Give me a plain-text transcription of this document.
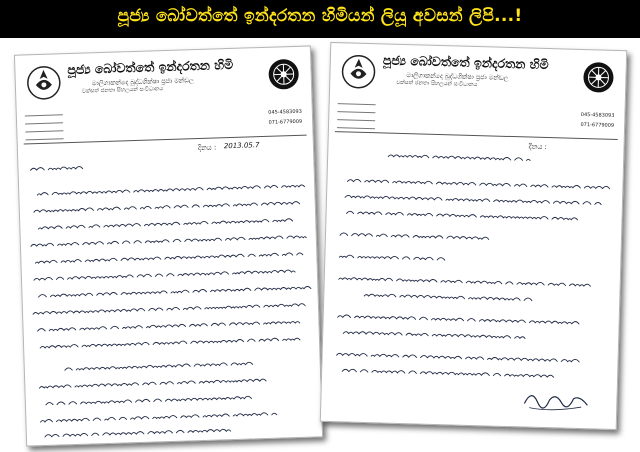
පූජ්‍ය බෝවත්තේ ඉන්දරතන හිමියන් ලියූ අවසන් ලිපි...!
පූජ්‍ය බෝවත්තේ ඉන්දරතන හිමි
මාලිගාකන්දෙ බුද්ධශික්ෂා ප්‍රජා මන්ඩල
වක්සත් ජනතා සිහලයන් සංවිධානය
045-4583093
071-6779009
දිනය : 2013.05.7
පූජ්‍ය බෝවත්තේ ඉන්දරතන හිමි
මාලිගාකන්දෙ බුද්ධශික්ෂා ප්‍රජා මන්ඩල
වක්සත් ජනතා සිහලයන් සංවිධානය
045-4583093
071-6779009
දිනය :
